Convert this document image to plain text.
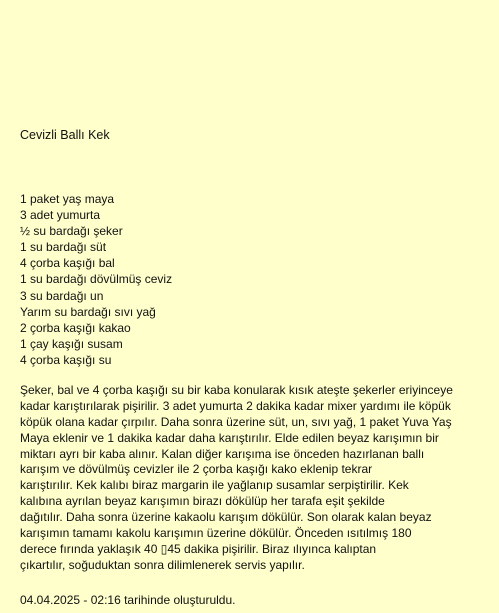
Cevizli Ballı Kek
1 paket yaş maya
3 adet yumurta
½ su bardağı şeker
1 su bardağı süt
4 çorba kaşığı bal
1 su bardağı dövülmüş ceviz
3 su bardağı un
Yarım su bardağı sıvı yağ
2 çorba kaşığı kakao
1 çay kaşığı susam
4 çorba kaşığı su
Şeker, bal ve 4 çorba kaşığı su bir kaba konularak kısık ateşte şekerler eriyinceye
kadar karıştırılarak pişirilir. 3 adet yumurta 2 dakika kadar mixer yardımı ile köpük
köpük olana kadar çırpılır. Daha sonra üzerine süt, un, sıvı yağ, 1 paket Yuva Yaş
Maya eklenir ve 1 dakika kadar daha karıştırılır. Elde edilen beyaz karışımın bir
miktarı ayrı bir kaba alınır. Kalan diğer karışıma ise önceden hazırlanan ballı
karışım ve dövülmüş cevizler ile 2 çorba kaşığı kako eklenip tekrar
karıştırılır. Kek kalıbı biraz margarin ile yağlanıp susamlar serpiştirilir. Kek
kalıbına ayrılan beyaz karışımın birazı dökülüp her tarafa eşit şekilde
dağıtılır. Daha sonra üzerine kakaolu karışım dökülür. Son olarak kalan beyaz
karışımın tamamı kakolu karışımın üzerine dökülür. Önceden ısıtılmış 180
derece fırında yaklaşık 40 ▯45 dakika pişirilir. Biraz ılıyınca kalıptan
çıkartılır, soğuduktan sonra dilimlenerek servis yapılır.
04.04.2025 - 02:16 tarihinde oluşturuldu.
